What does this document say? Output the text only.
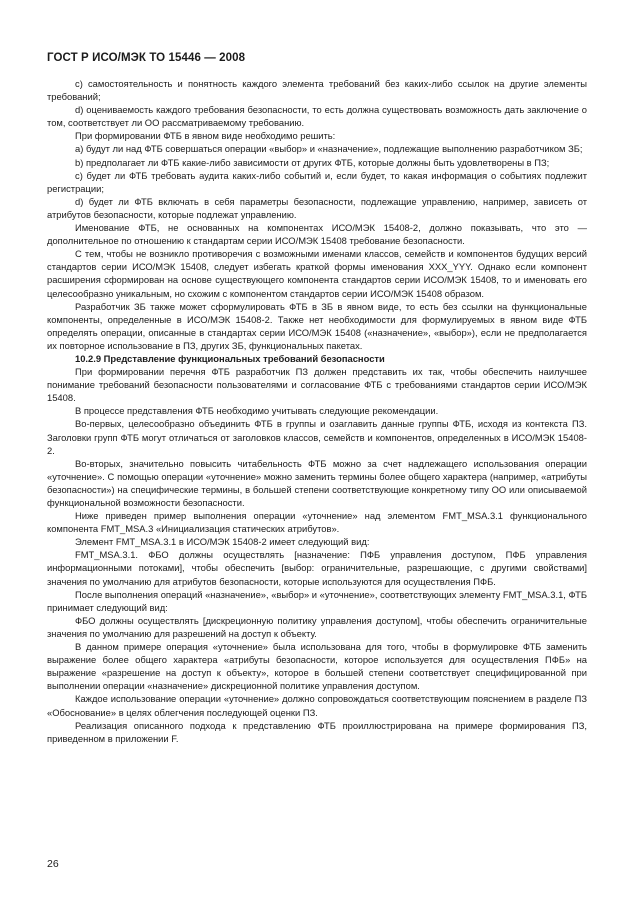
ГОСТ Р ИСО/МЭК ТО 15446 — 2008

c) самостоятельность и понятность каждого элемента требований без каких-либо ссылок на другие элементы требований;

d) оцениваемость каждого требования безопасности, то есть должна существовать возможность дать заключение о том, соответствует ли ОО рассматриваемому требованию.

При формировании ФТБ в явном виде необходимо решить:

a) будут ли над ФТБ совершаться операции «выбор» и «назначение», подлежащие выполнению разработчиком ЗБ;

b) предполагает ли ФТБ какие-либо зависимости от других ФТБ, которые должны быть удовлетворены в ПЗ;

c) будет ли ФТБ требовать аудита каких-либо событий и, если будет, то какая информация о событиях подлежит регистрации;

d) будет ли ФТБ включать в себя параметры безопасности, подлежащие управлению, например, зависеть от атрибутов безопасности, которые подлежат управлению.

Именование ФТБ, не основанных на компонентах ИСО/МЭК 15408-2, должно показывать, что это — дополнительное по отношению к стандартам серии ИСО/МЭК 15408 требование безопасности.

С тем, чтобы не возникло противоречия с возможными именами классов, семейств и компонентов будущих версий стандартов серии ИСО/МЭК 15408, следует избегать краткой формы именования XXX_YYY. Однако если компонент расширения сформирован на основе существующего компонента стандартов серии ИСО/МЭК 15408, то и именовать его целесообразно уникальным, но схожим с компонентом стандартов серии ИСО/МЭК 15408 образом.

Разработчик ЗБ также может сформулировать ФТБ в ЗБ в явном виде, то есть без ссылки на функциональные компоненты, определенные в ИСО/МЭК 15408-2. Также нет необходимости для формулируемых в явном виде ФТБ определять операции, описанные в стандартах серии ИСО/МЭК 15408 («назначение», «выбор»), если не предполагается их повторное использование в ПЗ, других ЗБ, функциональных пакетах.

10.2.9 Представление функциональных требований безопасности

При формировании перечня ФТБ разработчик ПЗ должен представить их так, чтобы обеспечить наилучшее понимание требований безопасности пользователями и согласование ФТБ с требованиями стандартов серии ИСО/МЭК 15408.

В процессе представления ФТБ необходимо учитывать следующие рекомендации.

Во-первых, целесообразно объединить ФТБ в группы и озаглавить данные группы ФТБ, исходя из контекста ПЗ. Заголовки групп ФТБ могут отличаться от заголовков классов, семейств и компонентов, определенных в ИСО/МЭК 15408-2.

Во-вторых, значительно повысить читабельность ФТБ можно за счет надлежащего использования операции «уточнение». С помощью операции «уточнение» можно заменить термины более общего характера (например, «атрибуты безопасности») на специфические термины, в большей степени соответствующие конкретному типу ОО или описываемой функциональной возможности безопасности.

Ниже приведен пример выполнения операции «уточнение» над элементом FMT_MSA.3.1 функционального компонента FMT_MSA.3 «Инициализация статических атрибутов».

Элемент FMT_MSA.3.1 в ИСО/МЭК 15408-2 имеет следующий вид:

FMT_MSA.3.1. ФБО должны осуществлять [назначение: ПФБ управления доступом, ПФБ управления информационными потоками], чтобы обеспечить [выбор: ограничительные, разрешающие, с другими свойствами] значения по умолчанию для атрибутов безопасности, которые используются для осуществления ПФБ.

После выполнения операций «назначение», «выбор» и «уточнение», соответствующих элементу FMT_MSA.3.1, ФТБ принимает следующий вид:

ФБО должны осуществлять [дискреционную политику управления доступом], чтобы обеспечить ограничительные значения по умолчанию для разрешений на доступ к объекту.

В данном примере операция «уточнение» была использована для того, чтобы в формулировке ФТБ заменить выражение более общего характера «атрибуты безопасности, которое используется для осуществления ПФБ» на выражение «разрешение на доступ к объекту», которое в большей степени соответствует специфицированной при выполнении операции «назначение» дискреционной политике управления доступом.

Каждое использование операции «уточнение» должно сопровождаться соответствующим пояснением в разделе ПЗ «Обоснование» в целях облегчения последующей оценки ПЗ.

Реализация описанного подхода к представлению ФТБ проиллюстрирована на примере формирования ПЗ, приведенном в приложении F.

26
